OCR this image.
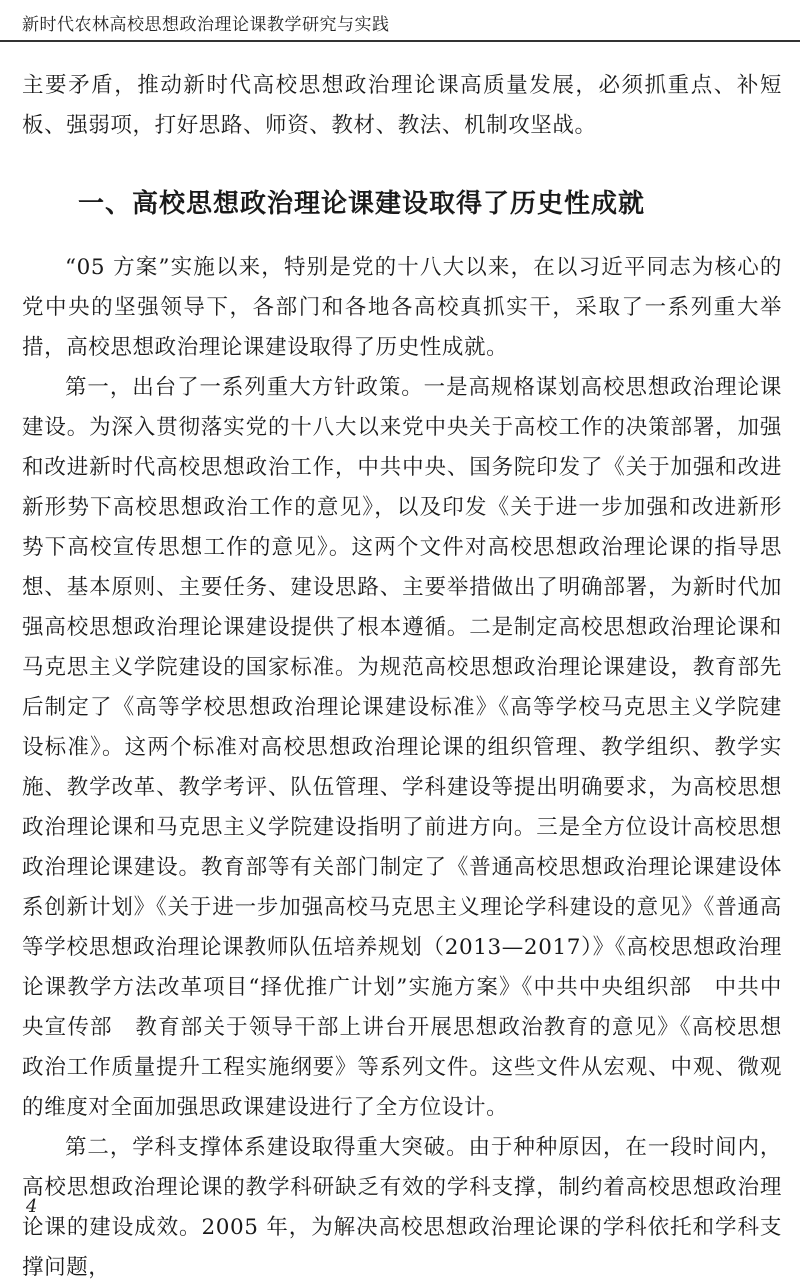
新时代农林高校思想政治理论课教学研究与实践

主要矛盾，推动新时代高校思想政治理论课高质量发展，必须抓重点、补短板、强弱项，打好思路、师资、教材、教法、机制攻坚战。

一、高校思想政治理论课建设取得了历史性成就

“05 方案”实施以来，特别是党的十八大以来，在以习近平同志为核心的党中央的坚强领导下，各部门和各地各高校真抓实干，采取了一系列重大举措，高校思想政治理论课建设取得了历史性成就。

第一，出台了一系列重大方针政策。一是高规格谋划高校思想政治理论课建设。为深入贯彻落实党的十八大以来党中央关于高校工作的决策部署，加强和改进新时代高校思想政治工作，中共中央、国务院印发了《关于加强和改进新形势下高校思想政治工作的意见》，以及印发《关于进一步加强和改进新形势下高校宣传思想工作的意见》。这两个文件对高校思想政治理论课的指导思想、基本原则、主要任务、建设思路、主要举措做出了明确部署，为新时代加强高校思想政治理论课建设提供了根本遵循。二是制定高校思想政治理论课和马克思主义学院建设的国家标准。为规范高校思想政治理论课建设，教育部先后制定了《高等学校思想政治理论课建设标准》《高等学校马克思主义学院建设标准》。这两个标准对高校思想政治理论课的组织管理、教学组织、教学实施、教学改革、教学考评、队伍管理、学科建设等提出明确要求，为高校思想政治理论课和马克思主义学院建设指明了前进方向。三是全方位设计高校思想政治理论课建设。教育部等有关部门制定了《普通高校思想政治理论课建设体系创新计划》《关于进一步加强高校马克思主义理论学科建设的意见》《普通高等学校思想政治理论课教师队伍培养规划（2013—2017）》《高校思想政治理论课教学方法改革项目“择优推广计划”实施方案》《中共中央组织部　中共中央宣传部　教育部关于领导干部上讲台开展思想政治教育的意见》《高校思想政治工作质量提升工程实施纲要》等系列文件。这些文件从宏观、中观、微观的维度对全面加强思政课建设进行了全方位设计。

第二，学科支撑体系建设取得重大突破。由于种种原因，在一段时间内，高校思想政治理论课的教学科研缺乏有效的学科支撑，制约着高校思想政治理论课的建设成效。2005 年，为解决高校思想政治理论课的学科依托和学科支撑问题，

4
